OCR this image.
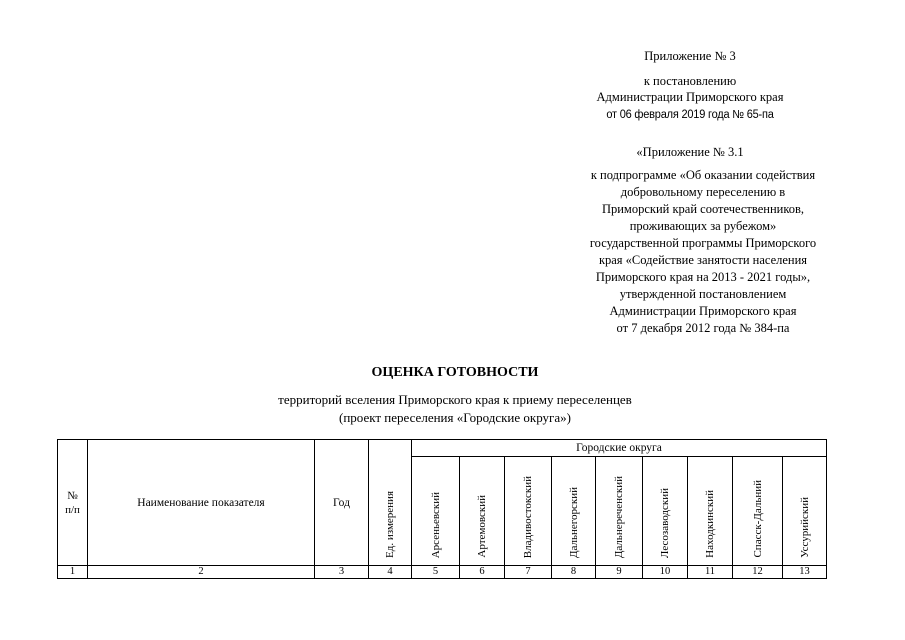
Приложение № 3
к постановлению
Администрации Приморского края
от 06 февраля 2019 года № 65-па
«Приложение № 3.1
к подпрограмме «Об оказании содействия
добровольному переселению в
Приморский край соотечественников,
проживающих за рубежом»
государственной программы Приморского
края «Содействие занятости населения
Приморского края на 2013 - 2021 годы»,
утвержденной постановлением
Администрации Приморского края
от 7 декабря 2012 года № 384-па
ОЦЕНКА ГОТОВНОСТИ
территорий вселения Приморского края к приему переселенцев
(проект переселения «Городские округа»)
№ п/п	Наименование показателя	Год	Ед. измерения	Городские округа								
				Арсеньевский	Артемовский	Владивостокский	Дальнегорский	Дальнереченский	Лесозаводский	Находкинский	Спасск-Дальний	Уссурийский
1	2	3	4	5	6	7	8	9	10	11	12	13
